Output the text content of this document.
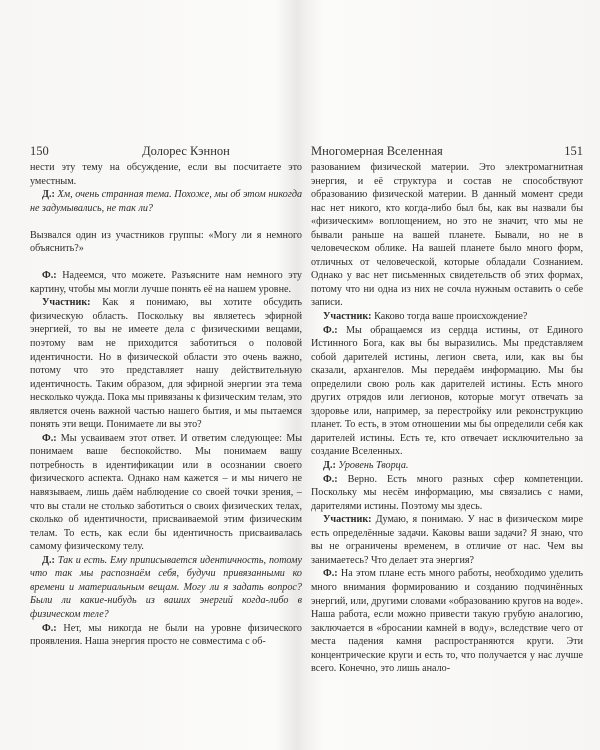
150	Долорес Кэннон

нести эту тему на обсуждение, если вы посчитаете это уместным.

Д.: Хм, очень странная тема. Похоже, мы об этом никогда не задумывались, не так ли?

Вызвался один из участников группы: «Могу ли я немного объяснить?»

Ф.: Надеемся, что можете. Разъясните нам немного эту картину, чтобы мы могли лучше понять её на нашем уровне.

Участник: Как я понимаю, вы хотите обсудить физическую область. Поскольку вы являетесь эфирной энергией, то вы не имеете дела с физическими вещами, поэтому вам не приходится заботиться о половой идентичности. Но в физической области это очень важно, потому что это представляет нашу действительную идентичность. Таким образом, для эфирной энергии эта тема несколько чужда. Пока мы привязаны к физическим телам, это является очень важной частью нашего бытия, и мы пытаемся понять эти вещи. Понимаете ли вы это?

Ф.: Мы усваиваем этот ответ. И ответим следующее: Мы понимаем ваше беспокойство. Мы понимаем вашу потребность в идентификации или в осознании своего физического аспекта. Однако нам кажется – и мы ничего не навязываем, лишь даём наблюдение со своей точки зрения, – что вы стали не столько заботиться о своих физических телах, сколько об идентичности, присваиваемой этим физическим телам. То есть, как если бы идентичность присваивалась самому физическому телу.

Д.: Так и есть. Ему приписывается идентичность, потому что так мы распознаём себя, будучи привязанными ко времени и материальным вещам. Могу ли я задать вопрос? Были ли какие-нибудь из ваших энергий когда-либо в физическом теле?

Ф.: Нет, мы никогда не были на уровне физического проявления. Наша энергия просто не совместима с об-

Многомерная Вселенная	151

разованием физической материи. Это электромагнитная энергия, и её структура и состав не способствуют образованию физической материи. В данный момент среди нас нет никого, кто когда-либо был бы, как вы назвали бы «физическим» воплощением, но это не значит, что мы не бывали раньше на вашей планете. Бывали, но не в человеческом облике. На вашей планете было много форм, отличных от человеческой, которые обладали Сознанием. Однако у вас нет письменных свидетельств об этих формах, потому что ни одна из них не сочла нужным оставить о себе записи.

Участник: Каково тогда ваше происхождение?

Ф.: Мы обращаемся из сердца истины, от Единого Истинного Бога, как вы бы выразились. Мы представляем собой дарителей истины, легион света, или, как вы бы сказали, архангелов. Мы передаём информацию. Мы бы определили свою роль как дарителей истины. Есть много других отрядов или легионов, которые могут отвечать за здоровье или, например, за перестройку или реконструкцию планет. То есть, в этом отношении мы бы определили себя как дарителей истины. Есть те, кто отвечает исключительно за создание Вселенных.

Д.: Уровень Творца.

Ф.: Верно. Есть много разных сфер компетенции. Поскольку мы несём информацию, мы связались с нами, дарителями истины. Поэтому мы здесь.

Участник: Думаю, я понимаю. У нас в физическом мире есть определённые задачи. Каковы ваши задачи? Я знаю, что вы не ограничены временем, в отличие от нас. Чем вы занимаетесь? Что делает эта энергия?

Ф.: На этом плане есть много работы, необходимо уделить много внимания формированию и созданию подчинённых энергий, или, другими словами «образованию кругов на воде». Наша работа, если можно привести такую грубую аналогию, заключается в «бросании камней в воду», вследствие чего от места падения камня распространяются круги. Эти концентрические круги и есть то, что получается у нас лучше всего. Конечно, это лишь анало-
